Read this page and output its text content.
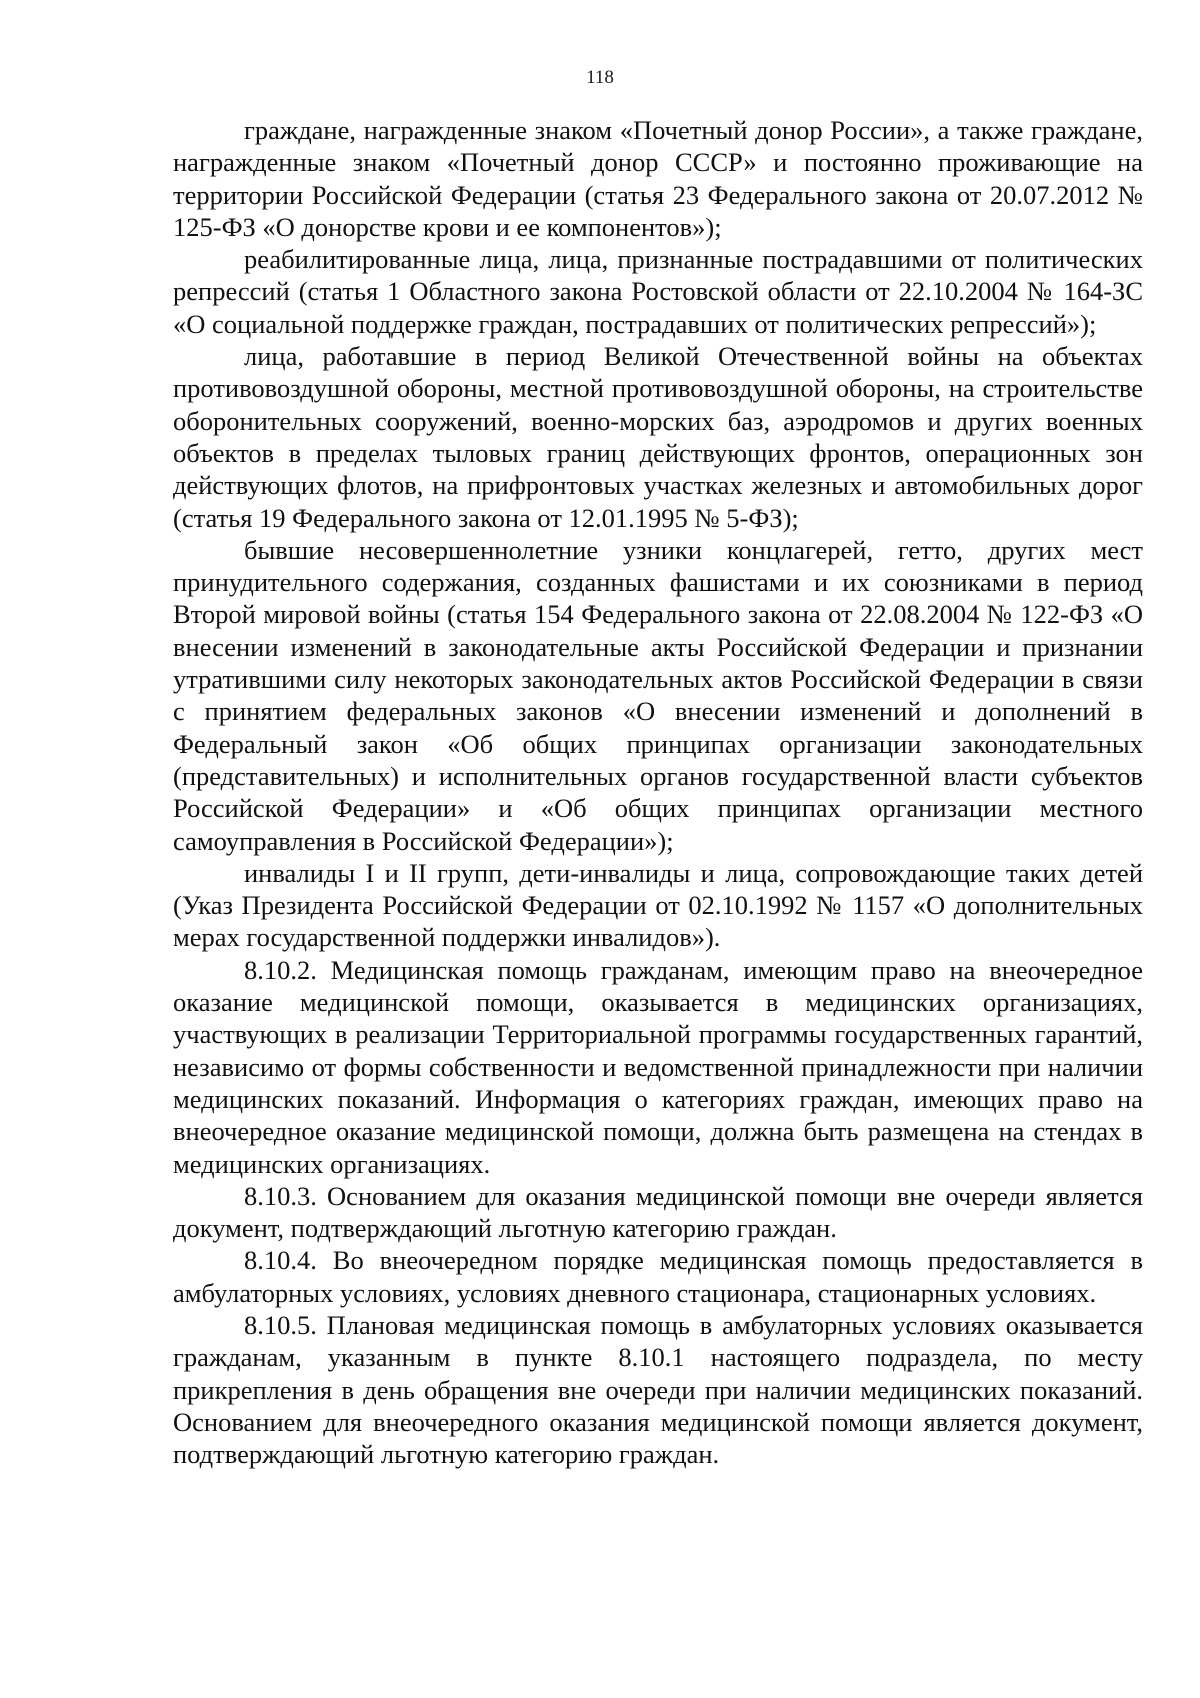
118

граждане, награжденные знаком «Почетный донор России», а также граждане, награжденные знаком «Почетный донор СССР» и постоянно проживающие на территории Российской Федерации (статья 23 Федерального закона от 20.07.2012 № 125-ФЗ «О донорстве крови и ее компонентов»);

реабилитированные лица, лица, признанные пострадавшими от политических репрессий (статья 1 Областного закона Ростовской области от 22.10.2004 № 164-ЗС «О социальной поддержке граждан, пострадавших от политических репрессий»);

лица, работавшие в период Великой Отечественной войны на объектах противовоздушной обороны, местной противовоздушной обороны, на строительстве оборонительных сооружений, военно-морских баз, аэродромов и других военных объектов в пределах тыловых границ действующих фронтов, операционных зон действующих флотов, на прифронтовых участках железных и автомобильных дорог (статья 19 Федерального закона от 12.01.1995 № 5-ФЗ);

бывшие несовершеннолетние узники концлагерей, гетто, других мест принудительного содержания, созданных фашистами и их союзниками в период Второй мировой войны (статья 154 Федерального закона от 22.08.2004 № 122-ФЗ «О внесении изменений в законодательные акты Российской Федерации и признании утратившими силу некоторых законодательных актов Российской Федерации в связи с принятием федеральных законов «О внесении изменений и дополнений в Федеральный закон «Об общих принципах организации законодательных (представительных) и исполнительных органов государственной власти субъектов Российской Федерации» и «Об общих принципах организации местного самоуправления в Российской Федерации»);

инвалиды I и II групп, дети-инвалиды и лица, сопровождающие таких детей (Указ Президента Российской Федерации от 02.10.1992 № 1157 «О дополнительных мерах государственной поддержки инвалидов»).

8.10.2. Медицинская помощь гражданам, имеющим право на внеочередное оказание медицинской помощи, оказывается в медицинских организациях, участвующих в реализации Территориальной программы государственных гарантий, независимо от формы собственности и ведомственной принадлежности при наличии медицинских показаний. Информация о категориях граждан, имеющих право на внеочередное оказание медицинской помощи, должна быть размещена на стендах в медицинских организациях.

8.10.3. Основанием для оказания медицинской помощи вне очереди является документ, подтверждающий льготную категорию граждан.

8.10.4. Во внеочередном порядке медицинская помощь предоставляется в амбулаторных условиях, условиях дневного стационара, стационарных условиях.

8.10.5. Плановая медицинская помощь в амбулаторных условиях оказывается гражданам, указанным в пункте 8.10.1 настоящего подраздела, по месту прикрепления в день обращения вне очереди при наличии медицинских показаний. Основанием для внеочередного оказания медицинской помощи является документ, подтверждающий льготную категорию граждан.
